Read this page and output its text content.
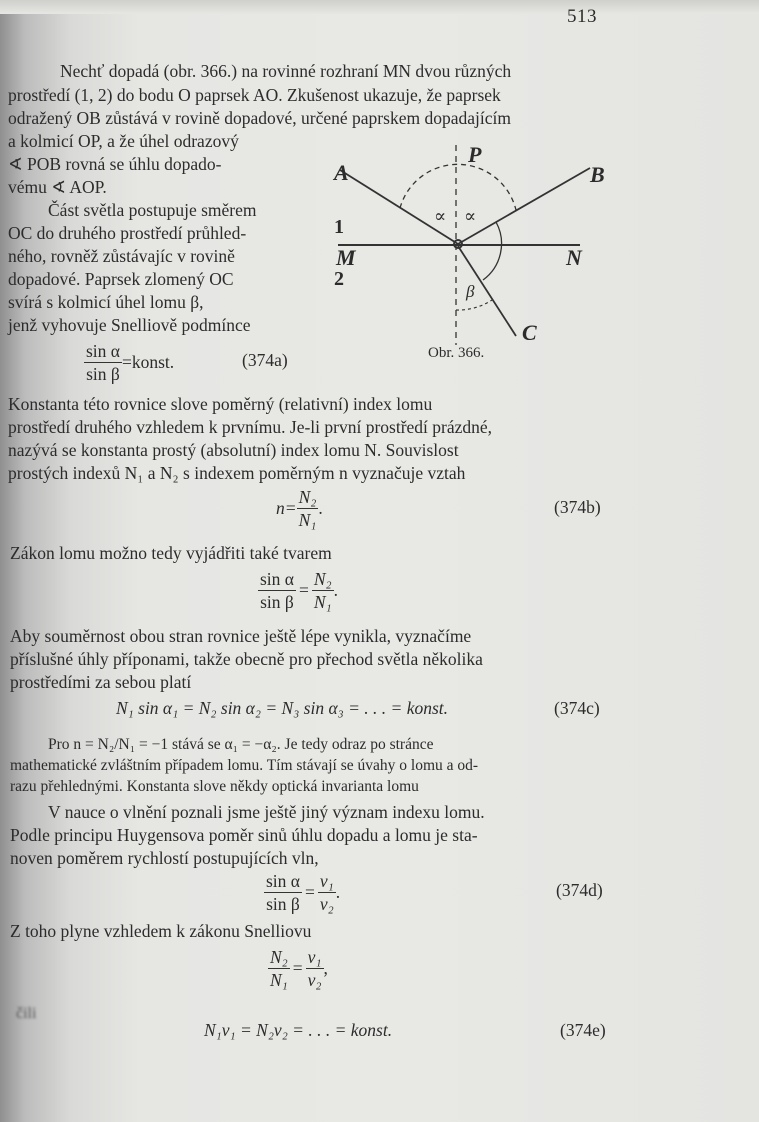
513
Nechť dopadá (obr. 366.) na rovinné rozhraní MN dvou různých
prostředí (1, 2) do bodu O paprsek AO. Zkušenost ukazuje, že paprsek
odražený OB zůstává v rovině dopadové, určené paprskem dopadajícím
a kolmicí OP, a že úhel odrazový
∢ POB rovná se úhlu dopado-
vému ∢ AOP.
Část světla postupuje směrem
OC do druhého prostředí průhled-
ného, rovněž zůstávajíc v rovině
dopadové. Paprsek zlomený OC
svírá s kolmicí úhel lomu β,
jenž vyhovuje Snelliově podmínce
$\frac{\text{sin α}}{\text{sin β}}$ =konst.	(374a)
A
P
B
1
M	N
2
∝ ∝
β
C
Obr. 366.
Konstanta této rovnice slove poměrný (relativní) index lomu
prostředí druhého vzhledem k prvnímu. Je-li první prostředí prázdné,
nazývá se konstanta prostý (absolutní) index lomu N. Souvislost
prostých indexů N₁ a N₂ s indexem poměrným n vyznačuje vztah
$n= \frac{\text{N₂}}{\text{N₁}}$ .	(374b)
Zákon lomu možno tedy vyjádřiti také tvarem
$\frac{\text{sin α}}{\text{sin β}} = \frac{\text{N₂}}{\text{N₁}}$ .
Aby souměrnost obou stran rovnice ještě lépe vynikla, vyznačíme
příslušné úhly příponami, takže obecně pro přechod světla několika
prostředími za sebou platí
N₁ sin α₁ = N₂ sin α₂ = N₃ sin α₃ = . . . = konst.	(374c)
Pro n = N₂/N₁ = −1 stává se α₁ = −α₂. Je tedy odraz po stránce
mathematické zvláštním případem lomu. Tím stávají se úvahy o lomu a od-
razu přehlednými. Konstanta slove někdy optická invarianta lomu
V nauce o vlnění poznali jsme ještě jiný význam indexu lomu.
Podle principu Huygensova poměr sinů úhlu dopadu a lomu je sta-
noven poměrem rychlostí postupujících vln,
$\frac{\text{sin α}}{\text{sin β}} = \frac{\text{v₁}}{\text{v₂}}$ .	(374d)
Z toho plyne vzhledem k zákonu Snelliovu
$\frac{\text{N₂}}{\text{N₁}} = \frac{\text{v₁}}{\text{v₂}}$ ,
čili
N₁v₁ = N₂v₂ = . . . = konst.	(374e)
